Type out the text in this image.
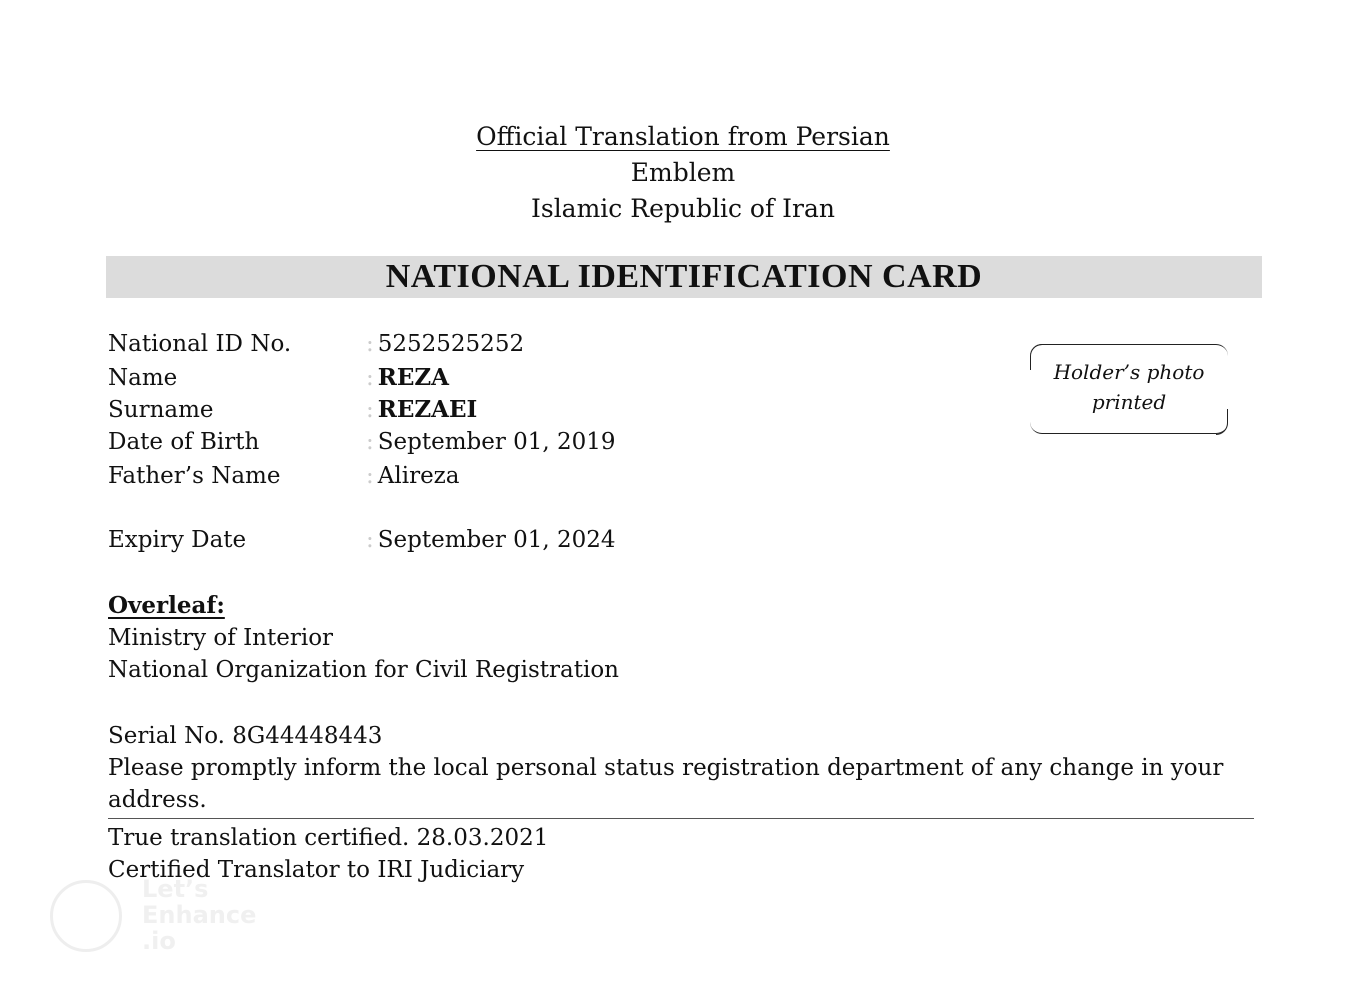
Official Translation from Persian
Emblem
Islamic Republic of Iran
NATIONAL IDENTIFICATION CARD
National ID No.	: 5252525252
Name	: REZA
Surname	: REZAEI
Date of Birth	: September 01, 2019
Father’s Name	: Alireza
Expiry Date	: September 01, 2024
Holder’s photo
printed
Overleaf:
Ministry of Interior
National Organization for Civil Registration
Serial No. 8G44448443
Please promptly inform the local personal status registration department of any change in your
address.
True translation certified. 28.03.2021
Certified Translator to IRI Judiciary
Let’s
Enhance
.io
